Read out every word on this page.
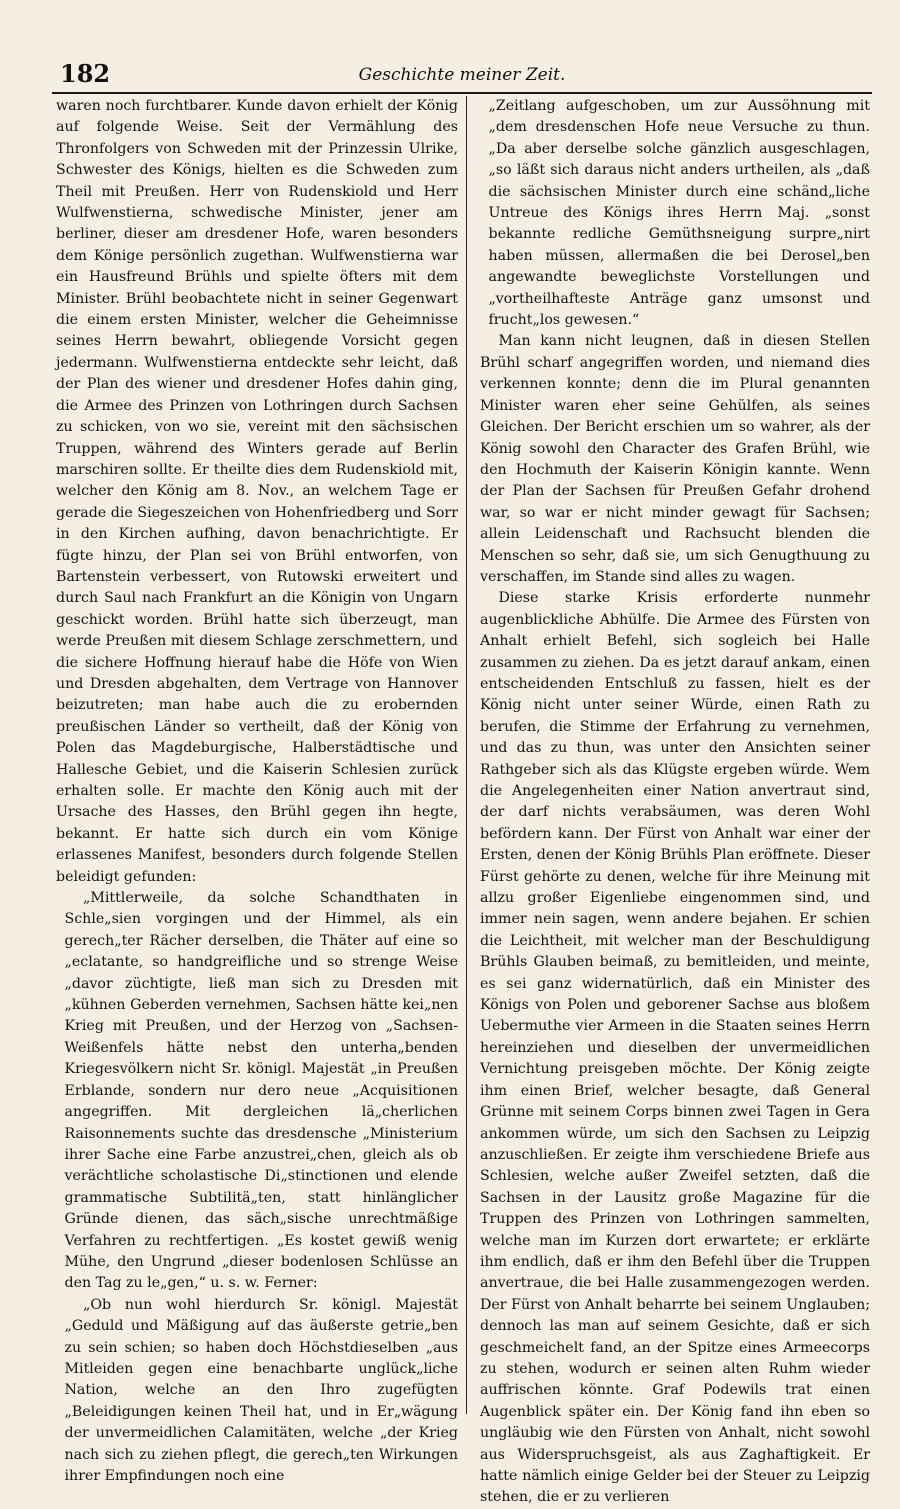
182	Geschichte meiner Zeit.

waren noch furchtbarer. Kunde davon erhielt der König auf folgende Weise. Seit der Vermählung des Thronfolgers von Schweden mit der Prinzessin Ulrike, Schwester des Königs, hielten es die Schweden zum Theil mit Preußen. Herr von Rudenskiold und Herr Wulfwenstierna, schwedische Minister, jener am berliner, dieser am dresdener Hofe, waren besonders dem Könige persönlich zugethan. Wulfwenstierna war ein Hausfreund Brühls und spielte öfters mit dem Minister. Brühl beobachtete nicht in seiner Gegenwart die einem ersten Minister, welcher die Geheimnisse seines Herrn bewahrt, obliegende Vorsicht gegen jedermann. Wulfwenstierna entdeckte sehr leicht, daß der Plan des wiener und dresdener Hofes dahin ging, die Armee des Prinzen von Lothringen durch Sachsen zu schicken, von wo sie, vereint mit den sächsischen Truppen, während des Winters gerade auf Berlin marschiren sollte. Er theilte dies dem Rudenskiold mit, welcher den König am 8. Nov., an welchem Tage er gerade die Siegeszeichen von Hohenfriedberg und Sorr in den Kirchen aufhing, davon benachrichtigte. Er fügte hinzu, der Plan sei von Brühl entworfen, von Bartenstein verbessert, von Rutowski erweitert und durch Saul nach Frankfurt an die Königin von Ungarn geschickt worden. Brühl hatte sich überzeugt, man werde Preußen mit diesem Schlage zerschmettern, und die sichere Hoffnung hierauf habe die Höfe von Wien und Dresden abgehalten, dem Vertrage von Hannover beizutreten; man habe auch die zu erobernden preußischen Länder so vertheilt, daß der König von Polen das Magdeburgische, Halberstädtische und Hallesche Gebiet, und die Kaiserin Schlesien zurück erhalten solle. Er machte den König auch mit der Ursache des Hasses, den Brühl gegen ihn hegte, bekannt. Er hatte sich durch ein vom Könige erlassenes Manifest, besonders durch folgende Stellen beleidigt gefunden:

„Mittlerweile, da solche Schandthaten in Schle„sien vorgingen und der Himmel, als ein gerech„ter Rächer derselben, die Thäter auf eine so „eclatante, so handgreifliche und so strenge Weise „davor züchtigte, ließ man sich zu Dresden mit „kühnen Geberden vernehmen, Sachsen hätte kei„nen Krieg mit Preußen, und der Herzog von „Sachsen-Weißenfels hätte nebst den unterha„benden Kriegesvölkern nicht Sr. königl. Majestät „in Preußen Erblande, sondern nur dero neue „Acquisitionen angegriffen. Mit dergleichen lä„cherlichen Raisonnements suchte das dresdensche „Ministerium ihrer Sache eine Farbe anzustrei„chen, gleich als ob verächtliche scholastische Di„stinctionen und elende grammatische Subtilitä„ten, statt hinlänglicher Gründe dienen, das säch„sische unrechtmäßige Verfahren zu rechtfertigen. „Es kostet gewiß wenig Mühe, den Ungrund „dieser bodenlosen Schlüsse an den Tag zu le„gen,“ u. s. w. Ferner:

„Ob nun wohl hierdurch Sr. königl. Majestät „Geduld und Mäßigung auf das äußerste getrie„ben zu sein schien; so haben doch Höchstdieselben „aus Mitleiden gegen eine benachbarte unglück„liche Nation, welche an den Ihro zugefügten „Beleidigungen keinen Theil hat, und in Er„wägung der unvermeidlichen Calamitäten, welche „der Krieg nach sich zu ziehen pflegt, die gerech„ten Wirkungen ihrer Empfindungen noch eine

„Zeitlang aufgeschoben, um zur Aussöhnung mit „dem dresdenschen Hofe neue Versuche zu thun. „Da aber derselbe solche gänzlich ausgeschlagen, „so läßt sich daraus nicht anders urtheilen, als „daß die sächsischen Minister durch eine schänd„liche Untreue des Königs ihres Herrn Maj. „sonst bekannte redliche Gemüthsneigung surpre„nirt haben müssen, allermaßen die bei Derosel„ben angewandte beweglichste Vorstellungen und „vortheilhafteste Anträge ganz umsonst und frucht„los gewesen.“

Man kann nicht leugnen, daß in diesen Stellen Brühl scharf angegriffen worden, und niemand dies verkennen konnte; denn die im Plural genannten Minister waren eher seine Gehülfen, als seines Gleichen. Der Bericht erschien um so wahrer, als der König sowohl den Character des Grafen Brühl, wie den Hochmuth der Kaiserin Königin kannte. Wenn der Plan der Sachsen für Preußen Gefahr drohend war, so war er nicht minder gewagt für Sachsen; allein Leidenschaft und Rachsucht blenden die Menschen so sehr, daß sie, um sich Genugthuung zu verschaffen, im Stande sind alles zu wagen.

Diese starke Krisis erforderte nunmehr augenblickliche Abhülfe. Die Armee des Fürsten von Anhalt erhielt Befehl, sich sogleich bei Halle zusammen zu ziehen. Da es jetzt darauf ankam, einen entscheidenden Entschluß zu fassen, hielt es der König nicht unter seiner Würde, einen Rath zu berufen, die Stimme der Erfahrung zu vernehmen, und das zu thun, was unter den Ansichten seiner Rathgeber sich als das Klügste ergeben würde. Wem die Angelegenheiten einer Nation anvertraut sind, der darf nichts verabsäumen, was deren Wohl befördern kann. Der Fürst von Anhalt war einer der Ersten, denen der König Brühls Plan eröffnete. Dieser Fürst gehörte zu denen, welche für ihre Meinung mit allzu großer Eigenliebe eingenommen sind, und immer nein sagen, wenn andere bejahen. Er schien die Leichtheit, mit welcher man der Beschuldigung Brühls Glauben beimaß, zu bemitleiden, und meinte, es sei ganz widernatürlich, daß ein Minister des Königs von Polen und geborener Sachse aus bloßem Uebermuthe vier Armeen in die Staaten seines Herrn hereinziehen und dieselben der unvermeidlichen Vernichtung preisgeben möchte. Der König zeigte ihm einen Brief, welcher besagte, daß General Grünne mit seinem Corps binnen zwei Tagen in Gera ankommen würde, um sich den Sachsen zu Leipzig anzuschließen. Er zeigte ihm verschiedene Briefe aus Schlesien, welche außer Zweifel setzten, daß die Sachsen in der Lausitz große Magazine für die Truppen des Prinzen von Lothringen sammelten, welche man im Kurzen dort erwartete; er erklärte ihm endlich, daß er ihm den Befehl über die Truppen anvertraue, die bei Halle zusammengezogen werden. Der Fürst von Anhalt beharrte bei seinem Unglauben; dennoch las man auf seinem Gesichte, daß er sich geschmeichelt fand, an der Spitze eines Armeecorps zu stehen, wodurch er seinen alten Ruhm wieder auffrischen könnte. Graf Podewils trat einen Augenblick später ein. Der König fand ihn eben so ungläubig wie den Fürsten von Anhalt, nicht sowohl aus Widerspruchsgeist, als aus Zaghaftigkeit. Er hatte nämlich einige Gelder bei der Steuer zu Leipzig stehen, die er zu verlieren
